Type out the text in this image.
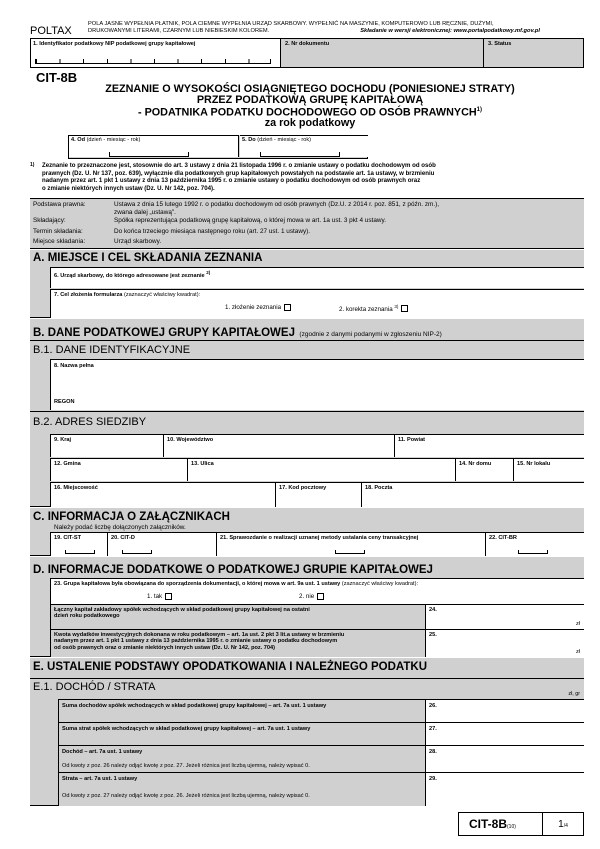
POLTAX
POLA JASNE WYPEŁNIA PŁATNIK, POLA CIEMNE WYPEŁNIA URZĄD SKARBOWY. WYPEŁNIĆ NA MASZYNIE, KOMPUTEROWO LUB RĘCZNIE, DUŻYMI,
DRUKOWANYMI LITERAMI, CZARNYM LUB NIEBIESKIM KOLOREM.	Składanie w wersji elektronicznej: www.portalpodatkowy.mf.gov.pl
1. Identyfikator podatkowy NIP podatkowej grupy kapitałowej	2. Nr dokumentu	3. Status
CIT-8B
ZEZNANIE O WYSOKOŚCI OSIĄGNIĘTEGO DOCHODU (PONIESIONEJ STRATY)
PRZEZ PODATKOWĄ GRUPĘ KAPITAŁOWĄ
- PODATNIKA PODATKU DOCHODOWEGO OD OSÓB PRAWNYCH$^{1)}$
za rok podatkowy
4. Od (dzień - miesiąc - rok)	5. Do (dzień - miesiąc - rok)
1)	Zeznanie to przeznaczone jest, stosownie do art. 3 ustawy z dnia 21 listopada 1996 r. o zmianie ustawy o podatku dochodowym od osób
prawnych (Dz. U. Nr 137, poz. 639), wyłącznie dla podatkowych grup kapitałowych powstałych na podstawie art. 1a ustawy, w brzmieniu
nadanym przez art. 1 pkt 1 ustawy z dnia 13 października 1995 r. o zmianie ustawy o podatku dochodowym od osób prawnych oraz
o zmianie niektórych innych ustaw (Dz. U. Nr 142, poz. 704).
Podstawa prawna:	Ustawa z dnia 15 lutego 1992 r. o podatku dochodowym od osób prawnych (Dz.U. z 2014 r. poz. 851, z późn. zm.),
zwana dalej „ustawą".
Składający:	Spółka reprezentująca podatkową grupę kapitałową, o której mowa w art. 1a ust. 3 pkt 4 ustawy.
Termin składania:	Do końca trzeciego miesiąca następnego roku (art. 27 ust. 1 ustawy).
Miejsce składania:	Urząd skarbowy.
A. MIEJSCE I CEL SKŁADANIA ZEZNANIA
6. Urząd skarbowy, do którego adresowane jest zeznanie $^{2)}$
7. Cel złożenia formularza (zaznaczyć właściwy kwadrat):
1. złożenie zeznania	2. korekta zeznania $^{3)}$
B. DANE PODATKOWEJ GRUPY KAPITAŁOWEJ (zgodnie z danymi podanymi w zgłoszeniu NIP-2)
B.1. DANE IDENTYFIKACYJNE
8. Nazwa pełna
REGON
B.2. ADRES SIEDZIBY
9. Kraj	10. Województwo	11. Powiat
12. Gmina	13. Ulica	14. Nr domu	15. Nr lokalu
16. Miejscowość	17. Kod pocztowy	18. Poczta
C. INFORMACJA O ZAŁĄCZNIKACH
Należy podać liczbę dołączonych załączników.
19. CIT-ST	20. CIT-D	21. Sprawozdanie o realizacji uznanej metody ustalania ceny transakcyjnej	22. CIT-BR
D. INFORMACJE DODATKOWE O PODATKOWEJ GRUPIE KAPITAŁOWEJ
23. Grupa kapitałowa była obowiązana do sporządzenia dokumentacji, o której mowa w art. 9a ust. 1 ustawy (zaznaczyć właściwy kwadrat):
1. tak	2. nie
Łączny kapitał zakładowy spółek wchodzących w skład podatkowej grupy kapitałowej na ostatni
dzień roku podatkowego
24.
zł
Kwota wydatków inwestycyjnych dokonana w roku podatkowym – art. 1a ust. 2 pkt 3 lit.a ustawy w brzmieniu
nadanym przez art. 1 pkt 1 ustawy z dnia 13 października 1995 r. o zmianie ustawy o podatku dochodowym
od osób prawnych oraz o zmianie niektórych innych ustaw (Dz. U. Nr 142, poz. 704)
25.
zł
E. USTALENIE PODSTAWY OPODATKOWANIA I NALEŻNEGO PODATKU
E.1. DOCHÓD / STRATA
zł, gr
Suma dochodów spółek wchodzących w skład podatkowej grupy kapitałowej – art. 7a ust. 1 ustawy	26.
Suma strat spółek wchodzących w skład podatkowej grupy kapitałowej – art. 7a ust. 1 ustawy	27.
Dochód – art. 7a ust. 1 ustawy
Od kwoty z poz. 26 należy odjąć kwotę z poz. 27. Jeżeli różnica jest liczbą ujemną, należy wpisać 0.
28.
Strata – art. 7a ust. 1 ustawy
Od kwoty z poz. 27 należy odjąć kwotę z poz. 26. Jeżeli różnica jest liczbą ujemną, należy wpisać 0.
29.
CIT-8B (10)	1/4
